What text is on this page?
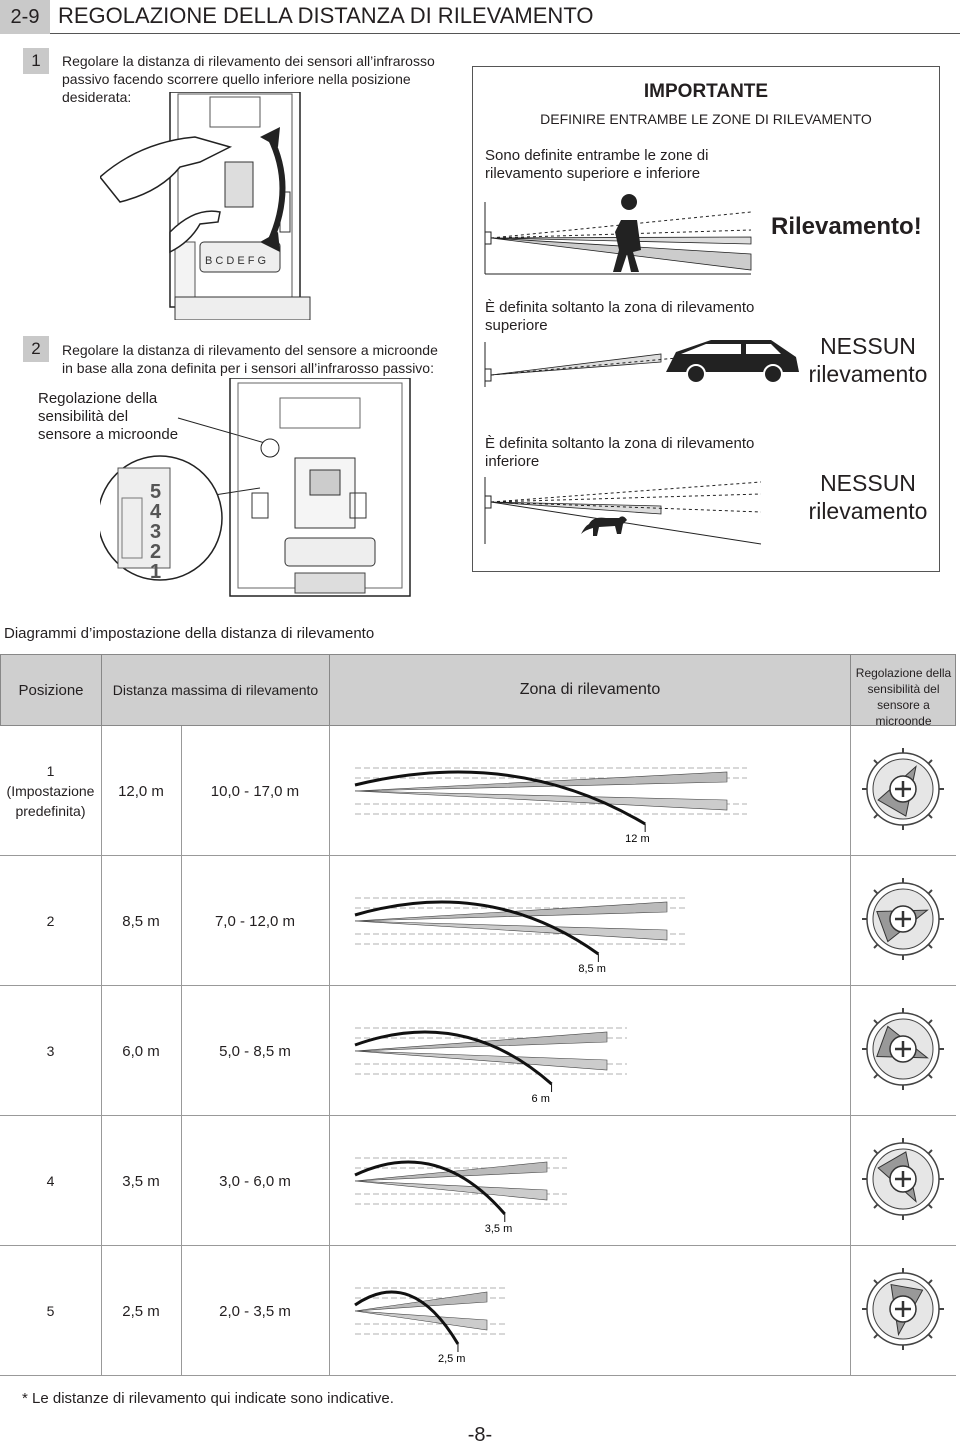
2-9 REGOLAZIONE DELLA DISTANZA DI RILEVAMENTO
1	Regolare la distanza di rilevamento dei sensori all’infrarosso
passivo facendo scorrere quello inferiore nella posizione
desiderata:
B C D E F G
2	Regolare la distanza di rilevamento del sensore a microonde
in base alla zona definita per i sensori all’infrarosso passivo:
Regolazione della
sensibilità del
sensore a microonde
5
4
3
2
1
IMPORTANTE
DEFINIRE ENTRAMBE LE ZONE DI RILEVAMENTO
Sono definite entrambe le zone di
rilevamento superiore e inferiore
Rilevamento!
È definita soltanto la zona di rilevamento
superiore
NESSUN
rilevamento
È definita soltanto la zona di rilevamento
inferiore
NESSUN
rilevamento
Diagrammi d’impostazione della distanza di rilevamento
Posizione	Distanza massima di rilevamento	Zona di rilevamento
Regolazione della
sensibilità del
sensore a microonde
1
(Impostazione
predefinita)
12,0 m	10,0 - 17,0 m
12 m
2	8,5 m	7,0 - 12,0 m
8,5 m
3	6,0 m	5,0 - 8,5 m
6 m
4	3,5 m	3,0 - 6,0 m
3,5 m
5	2,5 m	2,0 - 3,5 m
2,5 m
* Le distanze di rilevamento qui indicate sono indicative.
-8-
